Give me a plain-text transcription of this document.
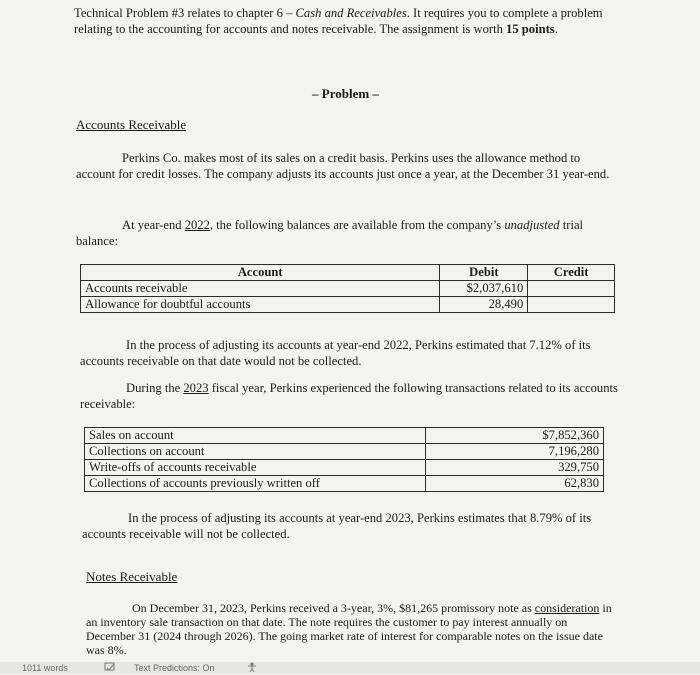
Technical Problem #3 relates to chapter 6 – Cash and Receivables. It requires you to complete a problem relating to the accounting for accounts and notes receivable. The assignment is worth 15 points.

– Problem –

Accounts Receivable

Perkins Co. makes most of its sales on a credit basis. Perkins uses the allowance method to account for credit losses. The company adjusts its accounts just once a year, at the December 31 year-end.

At year-end 2022, the following balances are available from the company’s unadjusted trial balance:

Account	Debit	Credit
Accounts receivable	$2,037,610	
Allowance for doubtful accounts	28,490	

In the process of adjusting its accounts at year-end 2022, Perkins estimated that 7.12% of its accounts receivable on that date would not be collected.

During the 2023 fiscal year, Perkins experienced the following transactions related to its accounts receivable:

Sales on account	$7,852,360
Collections on account	7,196,280
Write-offs of accounts receivable	329,750
Collections of accounts previously written off	62,830

In the process of adjusting its accounts at year-end 2023, Perkins estimates that 8.79% of its accounts receivable will not be collected.

Notes Receivable

On December 31, 2023, Perkins received a 3-year, 3%, $81,265 promissory note as consideration in an inventory sale transaction on that date. The note requires the customer to pay interest annually on December 31 (2024 through 2026). The going market rate of interest for comparable notes on the issue date was 8%.

1011 words	Text Predictions: On
